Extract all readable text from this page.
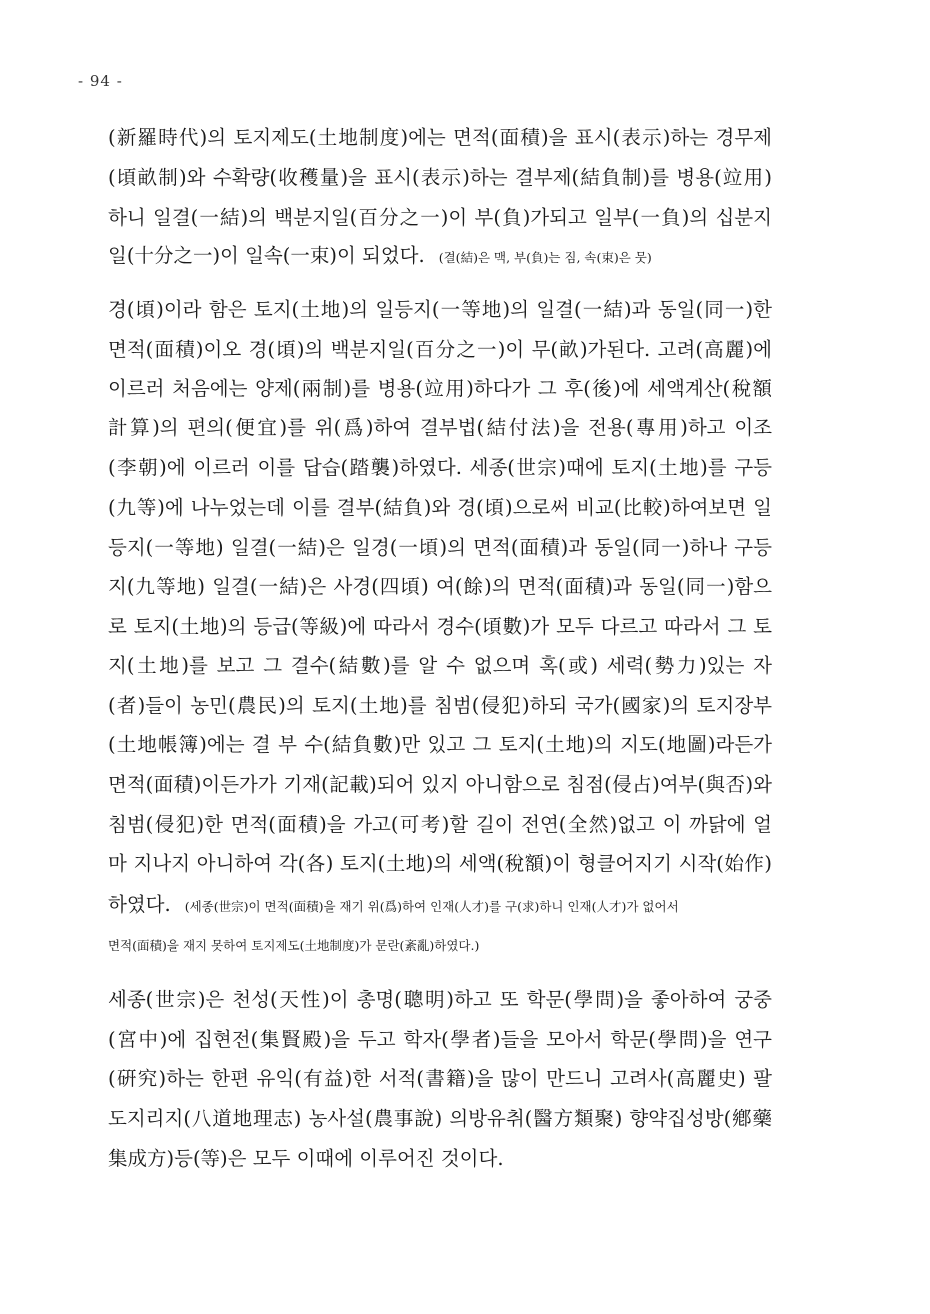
- 94 -
(新羅時代)의 토지제도(土地制度)에는 면적(面積)을 표시(表示)하는 경무제
(頃畝制)와 수확량(收穫量)을 표시(表示)하는 결부제(結負制)를 병용(竝用)
하니 일결(一結)의 백분지일(百分之一)이 부(負)가되고 일부(一負)의 십분지
일(十分之一)이 일속(一束)이 되었다. (결(結)은 맥, 부(負)는 짐, 속(束)은 뭇)
경(頃)이라 함은 토지(土地)의 일등지(一等地)의 일결(一結)과 동일(同一)한
면적(面積)이오 경(頃)의 백분지일(百分之一)이 무(畝)가된다. 고려(高麗)에
이르러 처음에는 양제(兩制)를 병용(竝用)하다가 그 후(後)에 세액계산(稅額
計算)의 편의(便宜)를 위(爲)하여 결부법(結付法)을 전용(專用)하고 이조
(李朝)에 이르러 이를 답습(踏襲)하였다. 세종(世宗)때에 토지(土地)를 구등
(九等)에 나누었는데 이를 결부(結負)와 경(頃)으로써 비교(比較)하여보면 일
등지(一等地) 일결(一結)은 일경(一頃)의 면적(面積)과 동일(同一)하나 구등
지(九等地) 일결(一結)은 사경(四頃) 여(餘)의 면적(面積)과 동일(同一)함으
로 토지(土地)의 등급(等級)에 따라서 경수(頃數)가 모두 다르고 따라서 그 토
지(土地)를 보고 그 결수(結數)를 알 수 없으며 혹(或) 세력(勢力)있는 자
(者)들이 농민(農民)의 토지(土地)를 침범(侵犯)하되 국가(國家)의 토지장부
(土地帳簿)에는 결 부 수(結負數)만 있고 그 토지(土地)의 지도(地圖)라든가
면적(面積)이든가가 기재(記載)되어 있지 아니함으로 침점(侵占)여부(與否)와
침범(侵犯)한 면적(面積)을 가고(可考)할 길이 전연(全然)없고 이 까닭에 얼
마 지나지 아니하여 각(各) 토지(土地)의 세액(稅額)이 형클어지기 시작(始作)
하였다. (세종(世宗)이 면적(面積)을 재기 위(爲)하여 인재(人才)를 구(求)하니 인재(人才)가 없어서
면적(面積)을 재지 못하여 토지제도(土地制度)가 문란(紊亂)하였다.)
세종(世宗)은 천성(天性)이 총명(聰明)하고 또 학문(學問)을 좋아하여 궁중
(宮中)에 집현전(集賢殿)을 두고 학자(學者)들을 모아서 학문(學問)을 연구
(硏究)하는 한편 유익(有益)한 서적(書籍)을 많이 만드니 고려사(高麗史) 팔
도지리지(八道地理志) 농사설(農事說) 의방유취(醫方類聚) 향약집성방(鄕藥
集成方)등(等)은 모두 이때에 이루어진 것이다.
